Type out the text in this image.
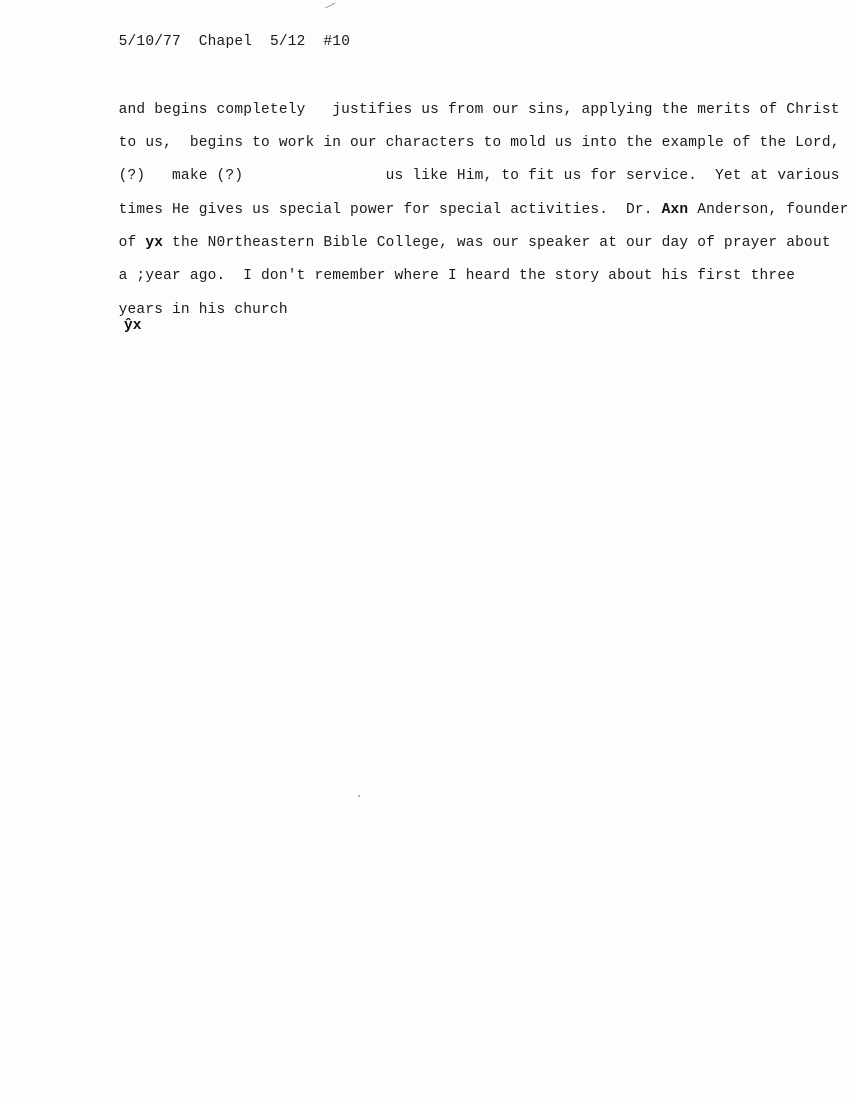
5/10/77 Chapel 5/12 #10

and begins completely   justifies us from our sins, applying the merits of Christ

to us,  begins to work in our characters to mold us into the example of the Lord,

(?)   make (?)                us like Him, to fit us for service.  Yet at various

times He gives us special power for special activities.  Dr. Axn Anderson, founder

of yx the N0rtheastern Bible College, was our speaker at our day of prayer about

a ;year ago.  I don't remember where I heard the story about his first three

years in his church

ŷx
